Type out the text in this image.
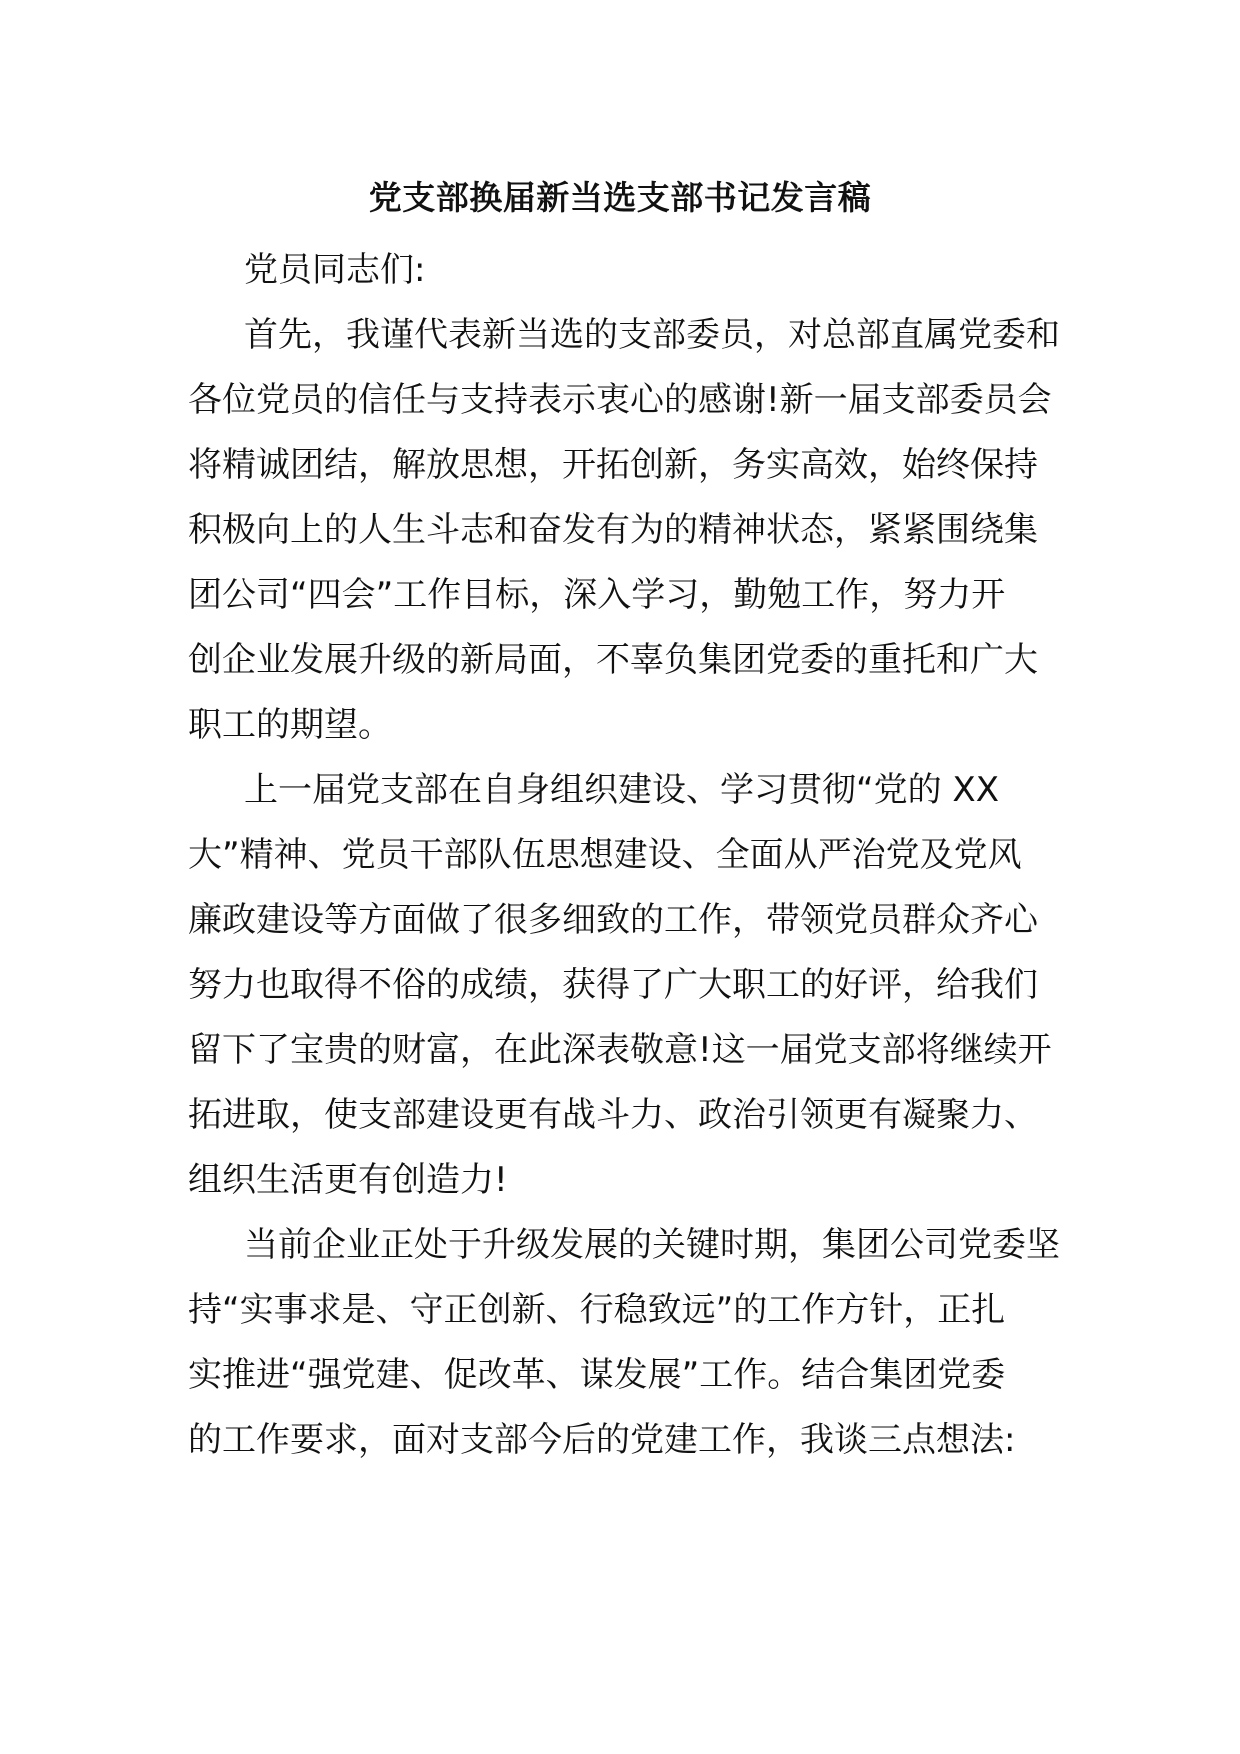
党支部换届新当选支部书记发言稿
党员同志们:
首先，我谨代表新当选的支部委员，对总部直属党委和
各位党员的信任与支持表示衷心的感谢!新一届支部委员会
将精诚团结，解放思想，开拓创新，务实高效，始终保持
积极向上的人生斗志和奋发有为的精神状态，紧紧围绕集
团公司“四会”工作目标，深入学习，勤勉工作，努力开
创企业发展升级的新局面，不辜负集团党委的重托和广大
职工的期望。
上一届党支部在自身组织建设、学习贯彻“党的 XX
大”精神、党员干部队伍思想建设、全面从严治党及党风
廉政建设等方面做了很多细致的工作，带领党员群众齐心
努力也取得不俗的成绩，获得了广大职工的好评，给我们
留下了宝贵的财富，在此深表敬意!这一届党支部将继续开
拓进取，使支部建设更有战斗力、政治引领更有凝聚力、
组织生活更有创造力!
当前企业正处于升级发展的关键时期，集团公司党委坚
持“实事求是、守正创新、行稳致远”的工作方针，正扎
实推进“强党建、促改革、谋发展”工作。结合集团党委
的工作要求，面对支部今后的党建工作，我谈三点想法:
